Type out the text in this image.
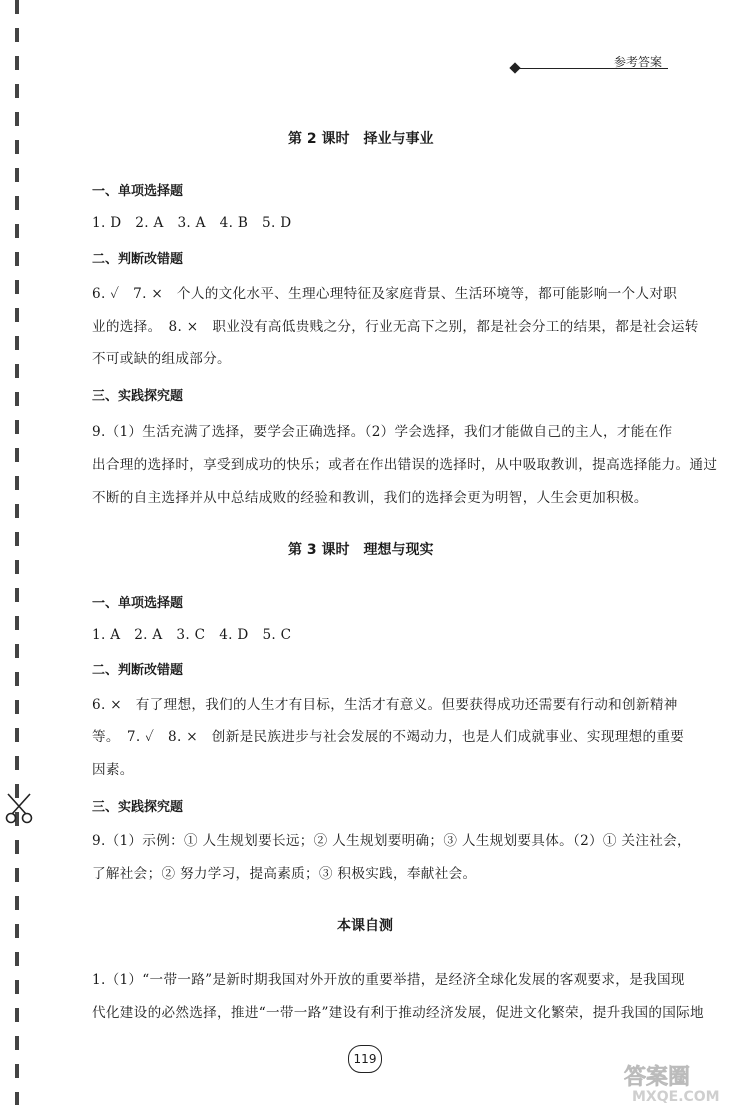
参考答案
第 2 课时　择业与事业
一、单项选择题
1. D　2. A　3. A　4. B　5. D
二、判断改错题
6. ✓　7. ×　个人的文化水平、生理心理特征及家庭背景、生活环境等，都可能影响一个人对职
业的选择。　8. ×　职业没有高低贵贱之分，行业无高下之别，都是社会分工的结果，都是社会运转
不可或缺的组成部分。
三、实践探究题
9.（1）生活充满了选择，要学会正确选择。（2）学会选择，我们才能做自己的主人，才能在作
出合理的选择时，享受到成功的快乐；或者在作出错误的选择时，从中吸取教训，提高选择能力。通过
不断的自主选择并从中总结成败的经验和教训，我们的选择会更为明智，人生会更加积极。
第 3 课时　理想与现实
一、单项选择题
1. A　2. A　3. C　4. D　5. C
二、判断改错题
6. ×　有了理想，我们的人生才有目标，生活才有意义。但要获得成功还需要有行动和创新精神
等。　7. ✓　8. ×　创新是民族进步与社会发展的不竭动力，也是人们成就事业、实现理想的重要
因素。
三、实践探究题
9.（1）示例：① 人生规划要长远；② 人生规划要明确；③ 人生规划要具体。（2）① 关注社会，
了解社会；② 努力学习，提高素质；③ 积极实践，奉献社会。
本课自测
1.（1）“一带一路”是新时期我国对外开放的重要举措，是经济全球化发展的客观要求，是我国现
代化建设的必然选择，推进“一带一路”建设有利于推动经济发展，促进文化繁荣，提升我国的国际地
119
答案圈
MXQE.COM
